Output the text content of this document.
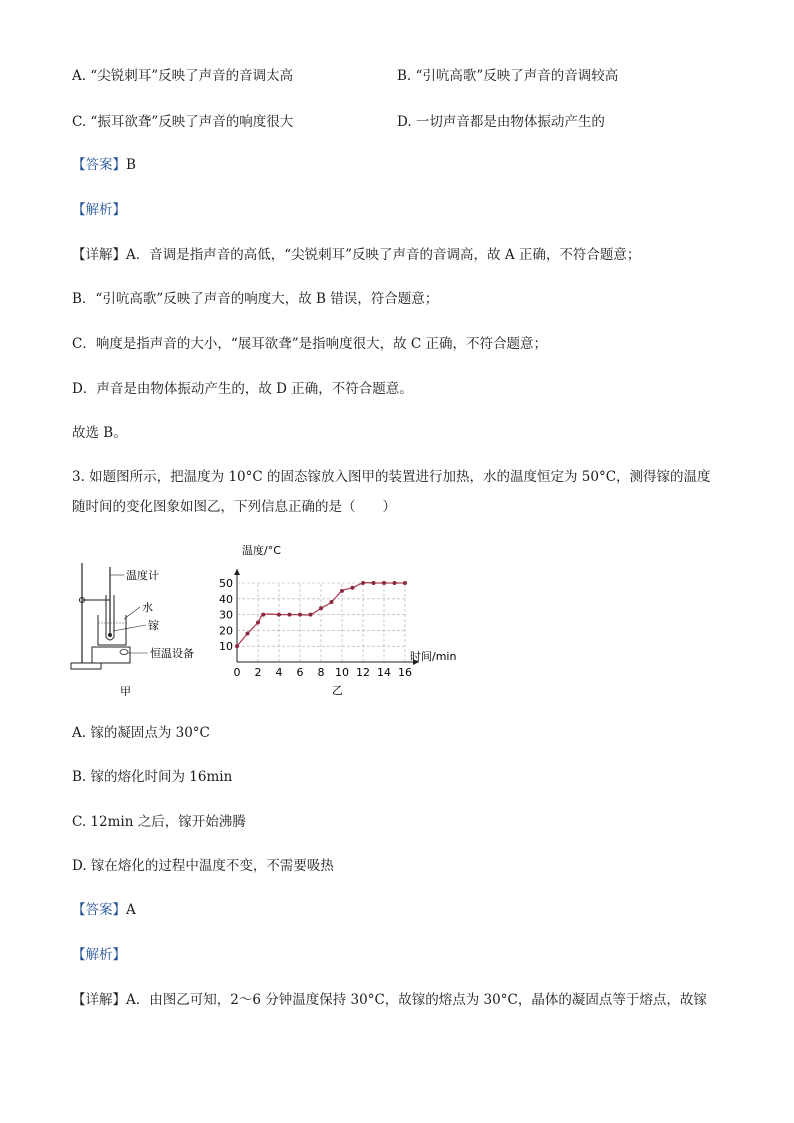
A. “尖锐刺耳”反映了声音的音调太高	B. “引吭高歌”反映了声音的音调较高
C. “振耳欲聋”反映了声音的响度很大	D. 一切声音都是由物体振动产生的
【答案】B
【解析】
【详解】A．音调是指声音的高低，“尖锐刺耳”反映了声音的音调高，故 A 正确，不符合题意；
B．“引吭高歌”反映了声音的响度大，故 B 错误，符合题意；
C．响度是指声音的大小，“展耳欲聋”是指响度很大，故 C 正确，不符合题意；
D．声音是由物体振动产生的，故 D 正确，不符合题意。
故选 B。
3. 如题图所示，把温度为 10°C 的固态镓放入图甲的装置进行加热，水的温度恒定为 50°C，测得镓的温度
随时间的变化图象如图乙，下列信息正确的是（　　）
温度计
水
镓
恒温设备
甲
0 2 4 6 8 10 12 14 16
10
20
30
40
50
温度/°C
时间/min
乙
A. 镓的凝固点为 30°C
B. 镓的熔化时间为 16min
C. 12min 之后，镓开始沸腾
D. 镓在熔化的过程中温度不变，不需要吸热
【答案】A
【解析】
【详解】A．由图乙可知，2～6 分钟温度保持 30°C，故镓的熔点为 30°C，晶体的凝固点等于熔点，故镓
